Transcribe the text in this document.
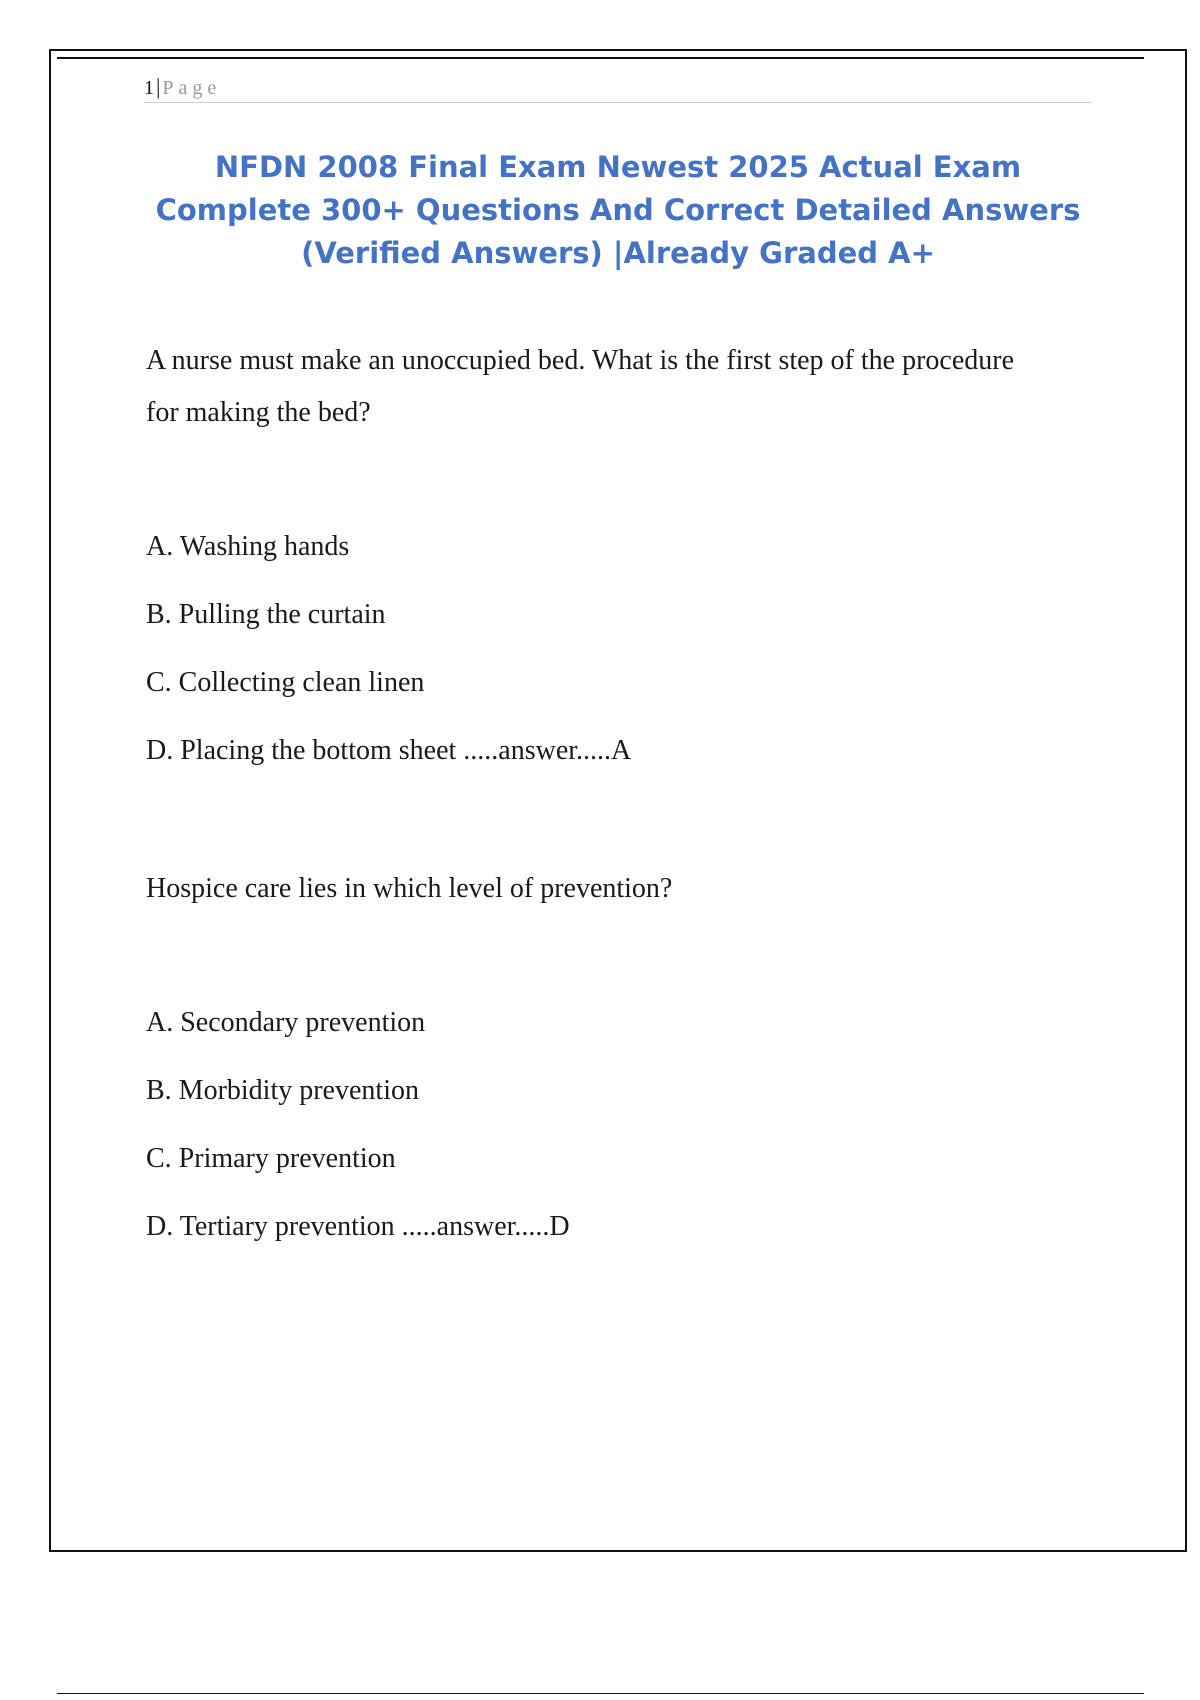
1| Page
NFDN 2008 Final Exam Newest 2025 Actual Exam Complete 300+ Questions And Correct Detailed Answers (Verified Answers) |Already Graded A+

A nurse must make an unoccupied bed. What is the first step of the procedure for making the bed?

A. Washing hands

B. Pulling the curtain

C. Collecting clean linen

D. Placing the bottom sheet .....answer.....A

Hospice care lies in which level of prevention?

A. Secondary prevention

B. Morbidity prevention

C. Primary prevention

D. Tertiary prevention .....answer.....D
